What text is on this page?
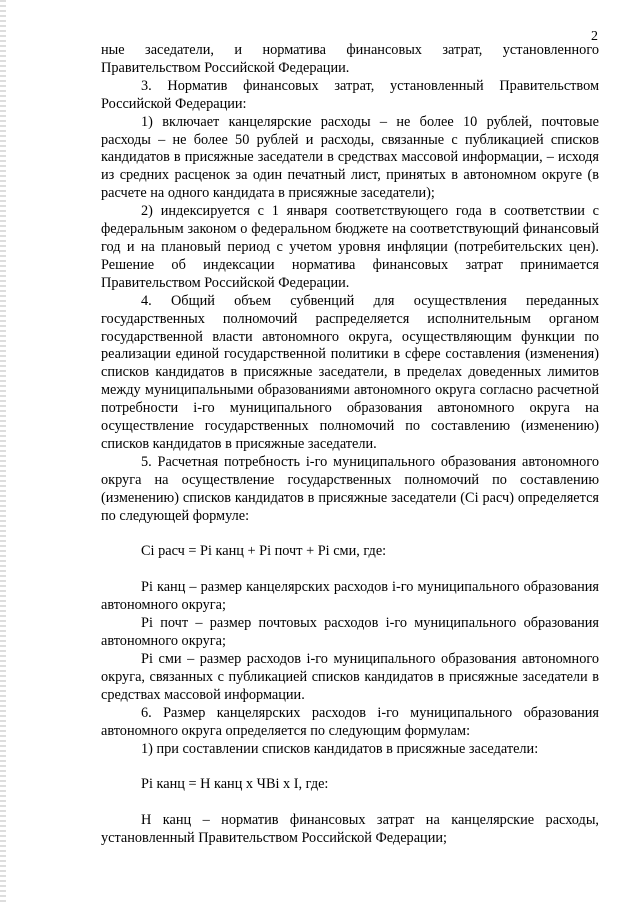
2

ные заседатели, и норматива финансовых затрат, установленного Правительством Российской Федерации.

3. Норматив финансовых затрат, установленный Правительством Российской Федерации:

1) включает канцелярские расходы – не более 10 рублей, почтовые расходы – не более 50 рублей и расходы, связанные с публикацией списков кандидатов в присяжные заседатели в средствах массовой информации, – исходя из средних расценок за один печатный лист, принятых в автономном округе (в расчете на одного кандидата в присяжные заседатели);

2) индексируется с 1 января соответствующего года в соответствии с федеральным законом о федеральном бюджете на соответствующий финансовый год и на плановый период с учетом уровня инфляции (потребительских цен). Решение об индексации норматива финансовых затрат принимается Правительством Российской Федерации.

4. Общий объем субвенций для осуществления переданных государственных полномочий распределяется исполнительным органом государственной власти автономного округа, осуществляющим функции по реализации единой государственной политики в сфере составления (изменения) списков кандидатов в присяжные заседатели, в пределах доведенных лимитов между муниципальными образованиями автономного округа согласно расчетной потребности i-го муниципального образования автономного округа на осуществление государственных полномочий по составлению (изменению) списков кандидатов в присяжные заседатели.

5. Расчетная потребность i-го муниципального образования автономного округа на осуществление государственных полномочий по составлению (изменению) списков кандидатов в присяжные заседатели (Ci расч) определяется по следующей формуле:

Ci расч = Pi канц + Pi почт + Pi сми, где:

Pi канц – размер канцелярских расходов i-го муниципального образования автономного округа;

Pi почт – размер почтовых расходов i-го муниципального образования автономного округа;

Pi сми – размер расходов i-го муниципального образования автономного округа, связанных с публикацией списков кандидатов в присяжные заседатели в средствах массовой информации.

6. Размер канцелярских расходов i-го муниципального образования автономного округа определяется по следующим формулам:

1) при составлении списков кандидатов в присяжные заседатели:

Pi канц = H канц x ЧBi x I, где:

H канц – норматив финансовых затрат на канцелярские расходы, установленный Правительством Российской Федерации;
